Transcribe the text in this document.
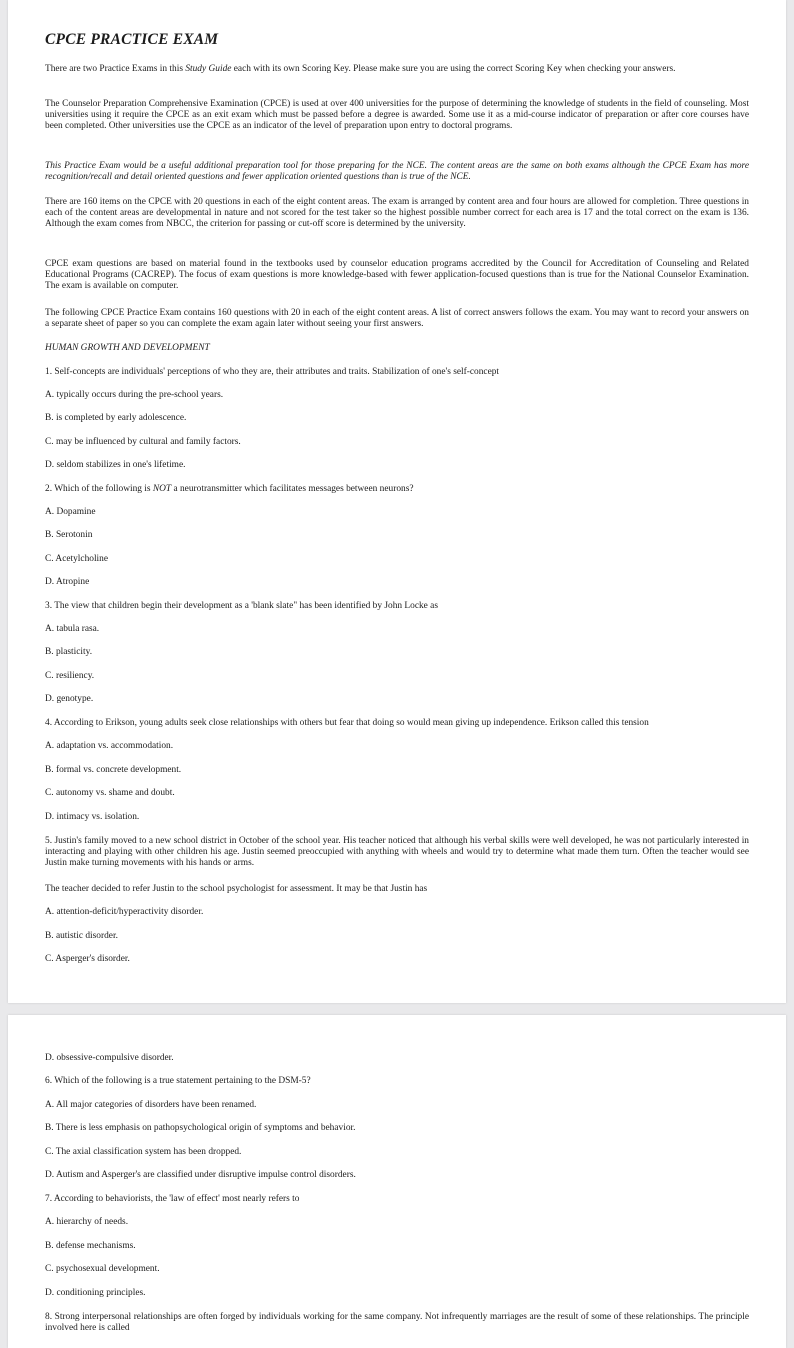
CPCE PRACTICE EXAM

There are two Practice Exams in this Study Guide each with its own Scoring Key. Please make sure you are using the correct Scoring Key when checking your answers.

The Counselor Preparation Comprehensive Examination (CPCE) is used at over 400 universities for the purpose of determining the knowledge of students in the field of counseling. Most universities using it require the CPCE as an exit exam which must be passed before a degree is awarded. Some use it as a mid-course indicator of preparation or after core courses have been completed. Other universities use the CPCE as an indicator of the level of preparation upon entry to doctoral programs.

This Practice Exam would be a useful additional preparation tool for those preparing for the NCE. The content areas are the same on both exams although the CPCE Exam has more recognition/recall and detail oriented questions and fewer application oriented questions than is true of the NCE.

There are 160 items on the CPCE with 20 questions in each of the eight content areas. The exam is arranged by content area and four hours are allowed for completion. Three questions in each of the content areas are developmental in nature and not scored for the test taker so the highest possible number correct for each area is 17 and the total correct on the exam is 136. Although the exam comes from NBCC, the criterion for passing or cut-off score is determined by the university.

CPCE exam questions are based on material found in the textbooks used by counselor education programs accredited by the Council for Accreditation of Counseling and Related Educational Programs (CACREP). The focus of exam questions is more knowledge-based with fewer application-focused questions than is true for the National Counselor Examination. The exam is available on computer.

The following CPCE Practice Exam contains 160 questions with 20 in each of the eight content areas. A list of correct answers follows the exam. You may want to record your answers on a separate sheet of paper so you can complete the exam again later without seeing your first answers.

HUMAN GROWTH AND DEVELOPMENT

1. Self-concepts are individuals' perceptions of who they are, their attributes and traits. Stabilization of one's self-concept

A. typically occurs during the pre-school years.

B. is completed by early adolescence.

C. may be influenced by cultural and family factors.

D. seldom stabilizes in one's lifetime.

2. Which of the following is NOT a neurotransmitter which facilitates messages between neurons?

A. Dopamine

B. Serotonin

C. Acetylcholine

D. Atropine

3. The view that children begin their development as a 'blank slate" has been identified by John Locke as

A. tabula rasa.

B. plasticity.

C. resiliency.

D. genotype.

4. According to Erikson, young adults seek close relationships with others but fear that doing so would mean giving up independence. Erikson called this tension

A. adaptation vs. accommodation.

B. formal vs. concrete development.

C. autonomy vs. shame and doubt.

D. intimacy vs. isolation.

5. Justin's family moved to a new school district in October of the school year. His teacher noticed that although his verbal skills were well developed, he was not particularly interested in interacting and playing with other children his age. Justin seemed preoccupied with anything with wheels and would try to determine what made them turn. Often the teacher would see Justin make turning movements with his hands or arms.

The teacher decided to refer Justin to the school psychologist for assessment. It may be that Justin has

A. attention-deficit/hyperactivity disorder.

B. autistic disorder.

C. Asperger's disorder.

D. obsessive-compulsive disorder.

6. Which of the following is a true statement pertaining to the DSM-5?

A. All major categories of disorders have been renamed.

B. There is less emphasis on pathopsychological origin of symptoms and behavior.

C. The axial classification system has been dropped.

D. Autism and Asperger's are classified under disruptive impulse control disorders.

7. According to behaviorists, the 'law of effect' most nearly refers to

A. hierarchy of needs.

B. defense mechanisms.

C. psychosexual development.

D. conditioning principles.

8. Strong interpersonal relationships are often forged by individuals working for the same company. Not infrequently marriages are the result of some of these relationships. The principle involved here is called
